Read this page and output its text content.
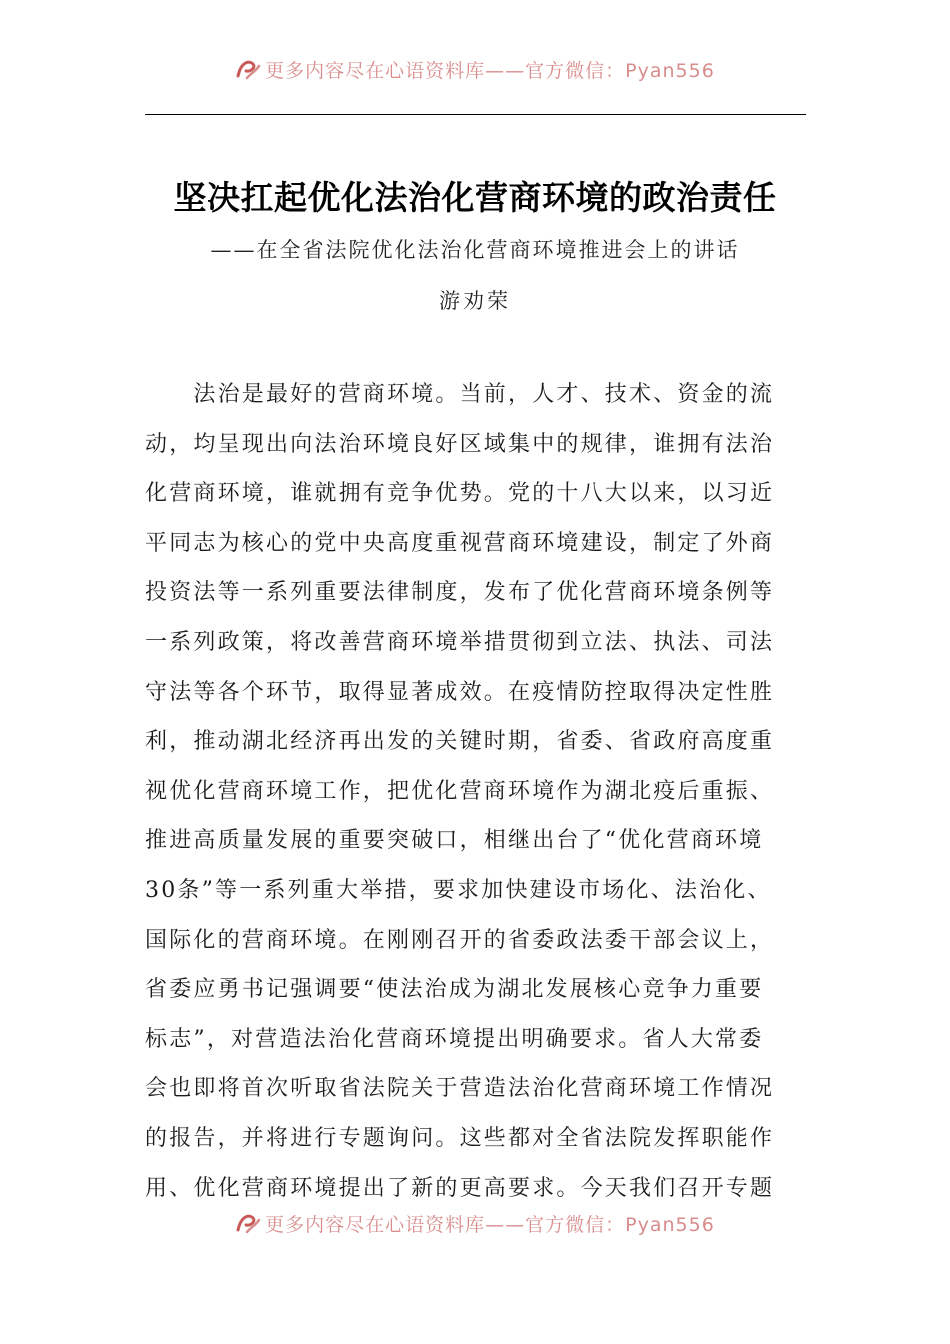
更多内容尽在心语资料库——官方微信：Pyan556
坚决扛起优化法治化营商环境的政治责任
——在全省法院优化法治化营商环境推进会上的讲话
游劝荣
　　法治是最好的营商环境。当前，人才、技术、资金的流
动，均呈现出向法治环境良好区域集中的规律，谁拥有法治
化营商环境，谁就拥有竞争优势。党的十八大以来，以习近
平同志为核心的党中央高度重视营商环境建设，制定了外商
投资法等一系列重要法律制度，发布了优化营商环境条例等
一系列政策，将改善营商环境举措贯彻到立法、执法、司法
守法等各个环节，取得显著成效。在疫情防控取得决定性胜
利，推动湖北经济再出发的关键时期，省委、省政府高度重
视优化营商环境工作，把优化营商环境作为湖北疫后重振、
推进高质量发展的重要突破口，相继出台了“优化营商环境
30条”等一系列重大举措，要求加快建设市场化、法治化、
国际化的营商环境。在刚刚召开的省委政法委干部会议上，
省委应勇书记强调要“使法治成为湖北发展核心竞争力重要
标志”，对营造法治化营商环境提出明确要求。省人大常委
会也即将首次听取省法院关于营造法治化营商环境工作情况
的报告，并将进行专题询问。这些都对全省法院发挥职能作
用、优化营商环境提出了新的更高要求。今天我们召开专题
更多内容尽在心语资料库——官方微信：Pyan556
